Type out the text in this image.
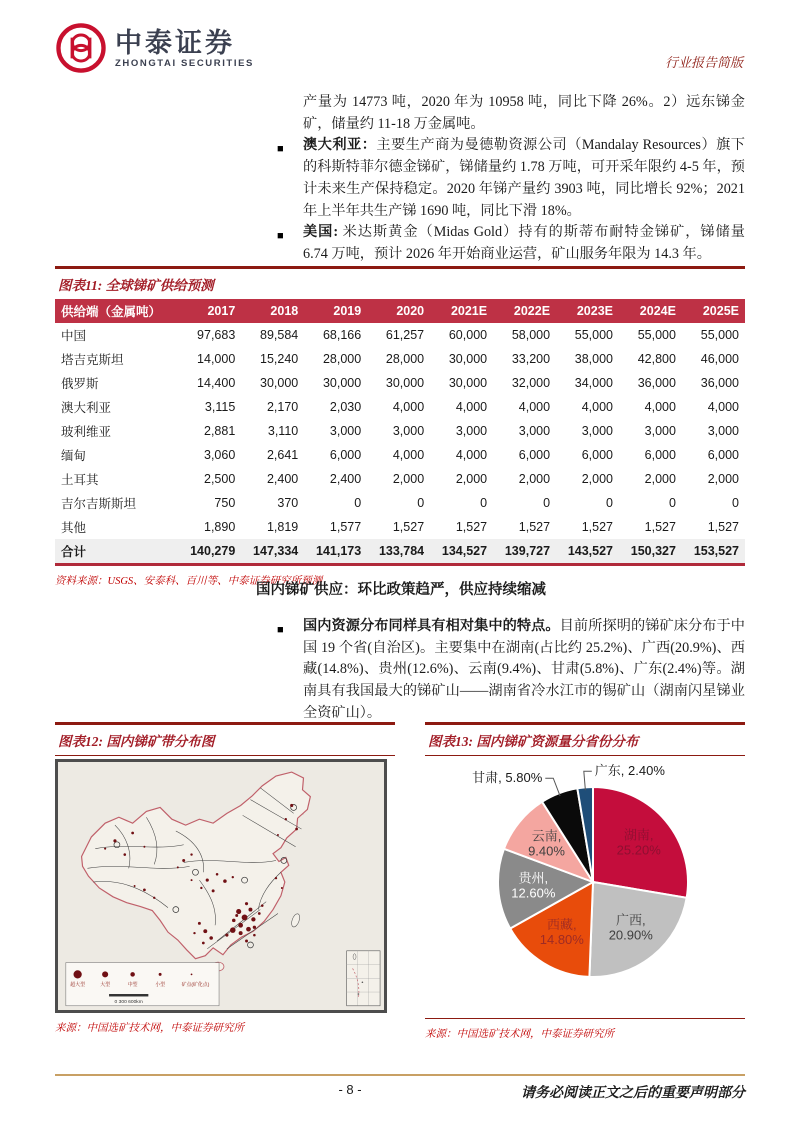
中泰证券
ZHONGTAI SECURITIES	行业报告简版

产量为 14773 吨，2020 年为 10958 吨，同比下降 26%。2）远东锑金矿，储量约 11-18 万金属吨。

■ 澳大利亚：主要生产商为曼德勒资源公司（Mandalay Resources）旗下的科斯特菲尔德金锑矿，锑储量约 1.78 万吨，可开采年限约 4-5 年，预计未来生产保持稳定。2020 年锑产量约 3903 吨，同比增长 92%；2021 年上半年共生产锑 1690 吨，同比下滑 18%。
■ 美国: 米达斯黄金（Midas Gold）持有的斯蒂布耐特金锑矿，锑储量 6.74 万吨，预计 2026 年开始商业运营，矿山服务年限为 14.3 年。
图表11: 全球锑矿供给预测
供给端（金属吨）	2017	2018	2019	2020	2021E	2022E	2023E	2024E	2025E
中国	97,683	89,584	68,166	61,257	60,000	58,000	55,000	55,000	55,000
塔吉克斯坦	14,000	15,240	28,000	28,000	30,000	33,200	38,000	42,800	46,000
俄罗斯	14,400	30,000	30,000	30,000	30,000	32,000	34,000	36,000	36,000
澳大利亚	3,115	2,170	2,030	4,000	4,000	4,000	4,000	4,000	4,000
玻利维亚	2,881	3,110	3,000	3,000	3,000	3,000	3,000	3,000	3,000
缅甸	3,060	2,641	6,000	4,000	4,000	6,000	6,000	6,000	6,000
土耳其	2,500	2,400	2,400	2,000	2,000	2,000	2,000	2,000	2,000
吉尔吉斯斯坦	750	370	0	0	0	0	0	0	0
其他	1,890	1,819	1,577	1,527	1,527	1,527	1,527	1,527	1,527
合计	140,279	147,334	141,173	133,784	134,527	139,727	143,527	150,327	153,527
资料来源：USGS、安泰科、百川等、中泰证券研究所预测
国内锑矿供应：环比政策趋严，供应持续缩减
■ 国内资源分布同样具有相对集中的特点。目前所探明的锑矿床分布于中国 19 个省(自治区)。主要集中在湖南(占比约 25.2%)、广西(20.9%)、西藏(14.8%)、贵州(12.6%)、云南(9.4%)、甘肃(5.8%)、广东(2.4%)等。湖南具有我国最大的锑矿山——湖南省冷水江市的锡矿山（湖南闪星锑业全资矿山）。
图表12: 国内锑矿带分布图
超大型	大型	中型	小型	矿点(矿化点)
0 300 600km
来源：中国选矿技术网，中泰证券研究所
图表13: 国内锑矿资源量分省份分布
湖南, 25.20%
广西, 20.90%
西藏, 14.80%
贵州, 12.60%
云南, 9.40%
甘肃, 5.80%	广东, 2.40%
来源：中国选矿技术网，中泰证券研究所
- 8 -	请务必阅读正文之后的重要声明部分
